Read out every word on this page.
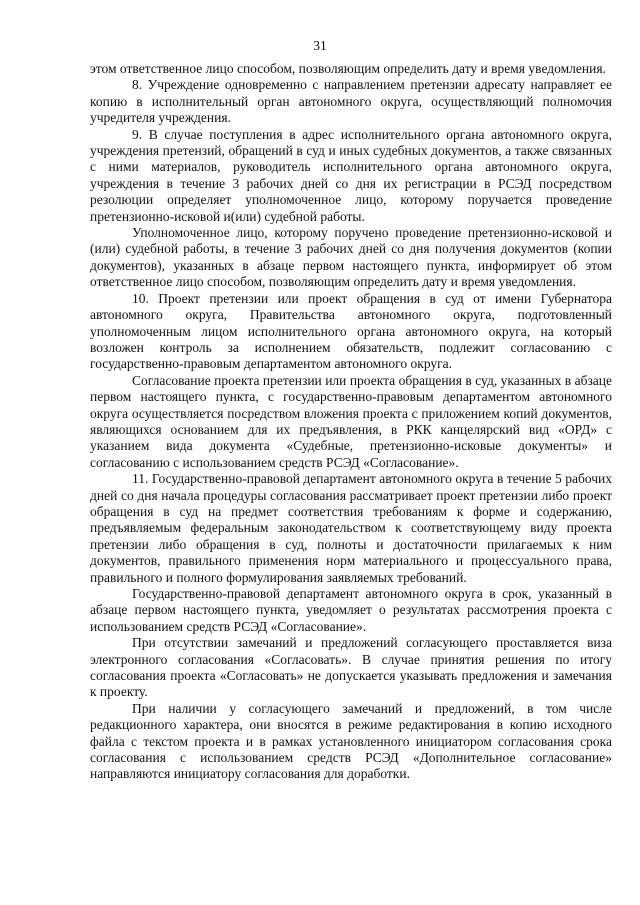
31

этом ответственное лицо способом, позволяющим определить дату и время уведомления.

8. Учреждение одновременно с направлением претензии адресату направляет ее копию в исполнительный орган автономного округа, осуществляющий полномочия учредителя учреждения.

9. В случае поступления в адрес исполнительного органа автономного округа, учреждения претензий, обращений в суд и иных судебных документов, а также связанных с ними материалов, руководитель исполнительного органа автономного округа, учреждения в течение 3 рабочих дней со дня их регистрации в РСЭД посредством резолюции определяет уполномоченное лицо, которому поручается проведение претензионно-исковой и(или) судебной работы.

Уполномоченное лицо, которому поручено проведение претензионно-исковой и (или) судебной работы, в течение 3 рабочих дней со дня получения документов (копии документов), указанных в абзаце первом настоящего пункта, информирует об этом ответственное лицо способом, позволяющим определить дату и время уведомления.

10. Проект претензии или проект обращения в суд от имени Губернатора автономного округа, Правительства автономного округа, подготовленный уполномоченным лицом исполнительного органа автономного округа, на который возложен контроль за исполнением обязательств, подлежит согласованию с государственно-правовым департаментом автономного округа.

Согласование проекта претензии или проекта обращения в суд, указанных в абзаце первом настоящего пункта, с государственно-правовым департаментом автономного округа осуществляется посредством вложения проекта с приложением копий документов, являющихся основанием для их предъявления, в РКК канцелярский вид «ОРД» с указанием вида документа «Судебные, претензионно-исковые документы» и согласованию с использованием средств РСЭД «Согласование».

11. Государственно-правовой департамент автономного округа в течение 5 рабочих дней со дня начала процедуры согласования рассматривает проект претензии либо проект обращения в суд на предмет соответствия требованиям к форме и содержанию, предъявляемым федеральным законодательством к соответствующему виду проекта претензии либо обращения в суд, полноты и достаточности прилагаемых к ним документов, правильного применения норм материального и процессуального права, правильного и полного формулирования заявляемых требований.

Государственно-правовой департамент автономного округа в срок, указанный в абзаце первом настоящего пункта, уведомляет о результатах рассмотрения проекта с использованием средств РСЭД «Согласование».

При отсутствии замечаний и предложений согласующего проставляется виза электронного согласования «Согласовать». В случае принятия решения по итогу согласования проекта «Согласовать» не допускается указывать предложения и замечания к проекту.

При наличии у согласующего замечаний и предложений, в том числе редакционного характера, они вносятся в режиме редактирования в копию исходного файла с текстом проекта и в рамках установленного инициатором согласования срока согласования с использованием средств РСЭД «Дополнительное согласование» направляются инициатору согласования для доработки.
